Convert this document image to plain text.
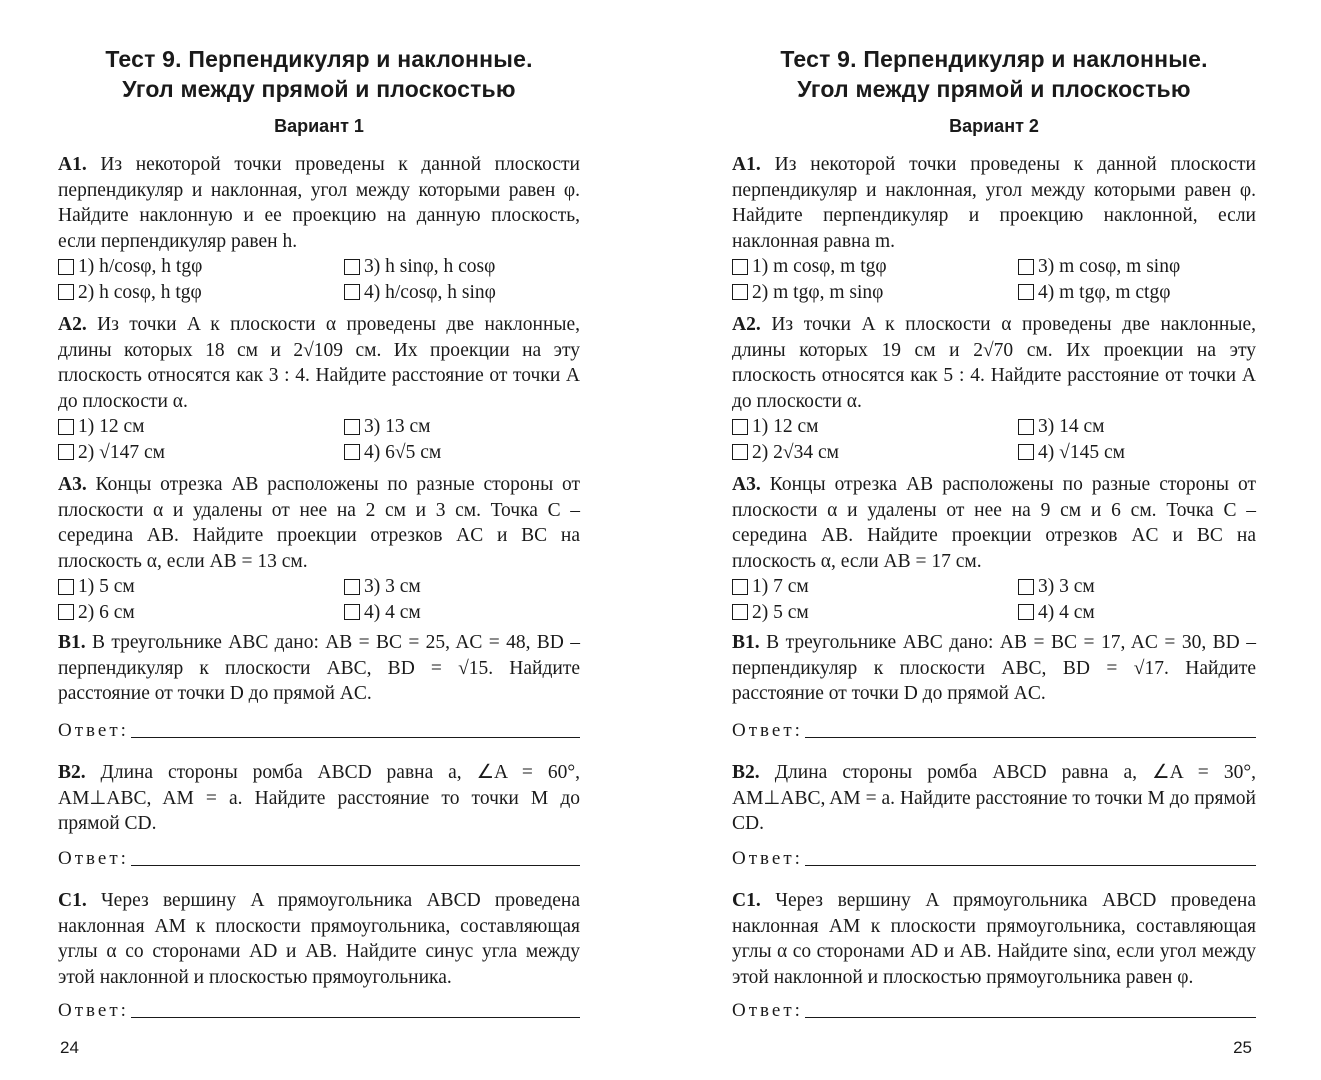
Тест 9. Перпендикуляр и наклонные.
Угол между прямой и плоскостью
Вариант 1

А1. Из некоторой точки проведены к данной плоскости перпендикуляр и наклонная, угол между которыми равен φ. Найдите наклонную и ее проекцию на данную плоскость, если перпендикуляр равен h.

1) h/cosφ, h tgφ	3) h sinφ, h cosφ
2) h cosφ, h tgφ	4) h/cosφ, h sinφ

А2. Из точки A к плоскости α проведены две наклонные, длины которых 18 см и 2√109 см. Их проекции на эту плоскость относятся как 3 : 4. Найдите расстояние от точки A до плоскости α.

1) 12 см	3) 13 см
2) √147 см	4) 6√5 см

А3. Концы отрезка AB расположены по разные стороны от плоскости α и удалены от нее на 2 см и 3 см. Точка C – середина AB. Найдите проекции отрезков AC и BC на плоскость α, если AB = 13 см.

1) 5 см	3) 3 см
2) 6 см	4) 4 см

В1. В треугольнике ABC дано: AB = BC = 25, AC = 48, BD – перпендикуляр к плоскости ABC, BD = √15. Найдите расстояние от точки D до прямой AC.

Ответ:

В2. Длина стороны ромба ABCD равна a, ∠A = 60°, AM⊥ABC, AM = a. Найдите расстояние то точки M до прямой CD.

Ответ:

С1. Через вершину A прямоугольника ABCD проведена наклонная AM к плоскости прямоугольника, составляющая углы α со сторонами AD и AB. Найдите синус угла между этой наклонной и плоскостью прямоугольника.

Ответ:
24
Тест 9. Перпендикуляр и наклонные.
Угол между прямой и плоскостью
Вариант 2

А1. Из некоторой точки проведены к данной плоскости перпендикуляр и наклонная, угол между которыми равен φ. Найдите перпендикуляр и проекцию наклонной, если наклонная равна m.

1) m cosφ, m tgφ	3) m cosφ, m sinφ
2) m tgφ, m sinφ	4) m tgφ, m ctgφ

А2. Из точки A к плоскости α проведены две наклонные, длины которых 19 см и 2√70 см. Их проекции на эту плоскость относятся как 5 : 4. Найдите расстояние от точки A до плоскости α.

1) 12 см	3) 14 см
2) 2√34 см	4) √145 см

А3. Концы отрезка AB расположены по разные стороны от плоскости α и удалены от нее на 9 см и 6 см. Точка C – середина AB. Найдите проекции отрезков AC и BC на плоскость α, если AB = 17 см.

1) 7 см	3) 3 см
2) 5 см	4) 4 см

В1. В треугольнике ABC дано: AB = BC = 17, AC = 30, BD – перпендикуляр к плоскости ABC, BD = √17. Найдите расстояние от точки D до прямой AC.

Ответ:

В2. Длина стороны ромба ABCD равна a, ∠A = 30°, AM⊥ABC, AM = a. Найдите расстояние то точки M до прямой CD.

Ответ:

С1. Через вершину A прямоугольника ABCD проведена наклонная AM к плоскости прямоугольника, составляющая углы α со сторонами AD и AB. Найдите sinα, если угол между этой наклонной и плоскостью прямоугольника равен φ.

Ответ:
25
